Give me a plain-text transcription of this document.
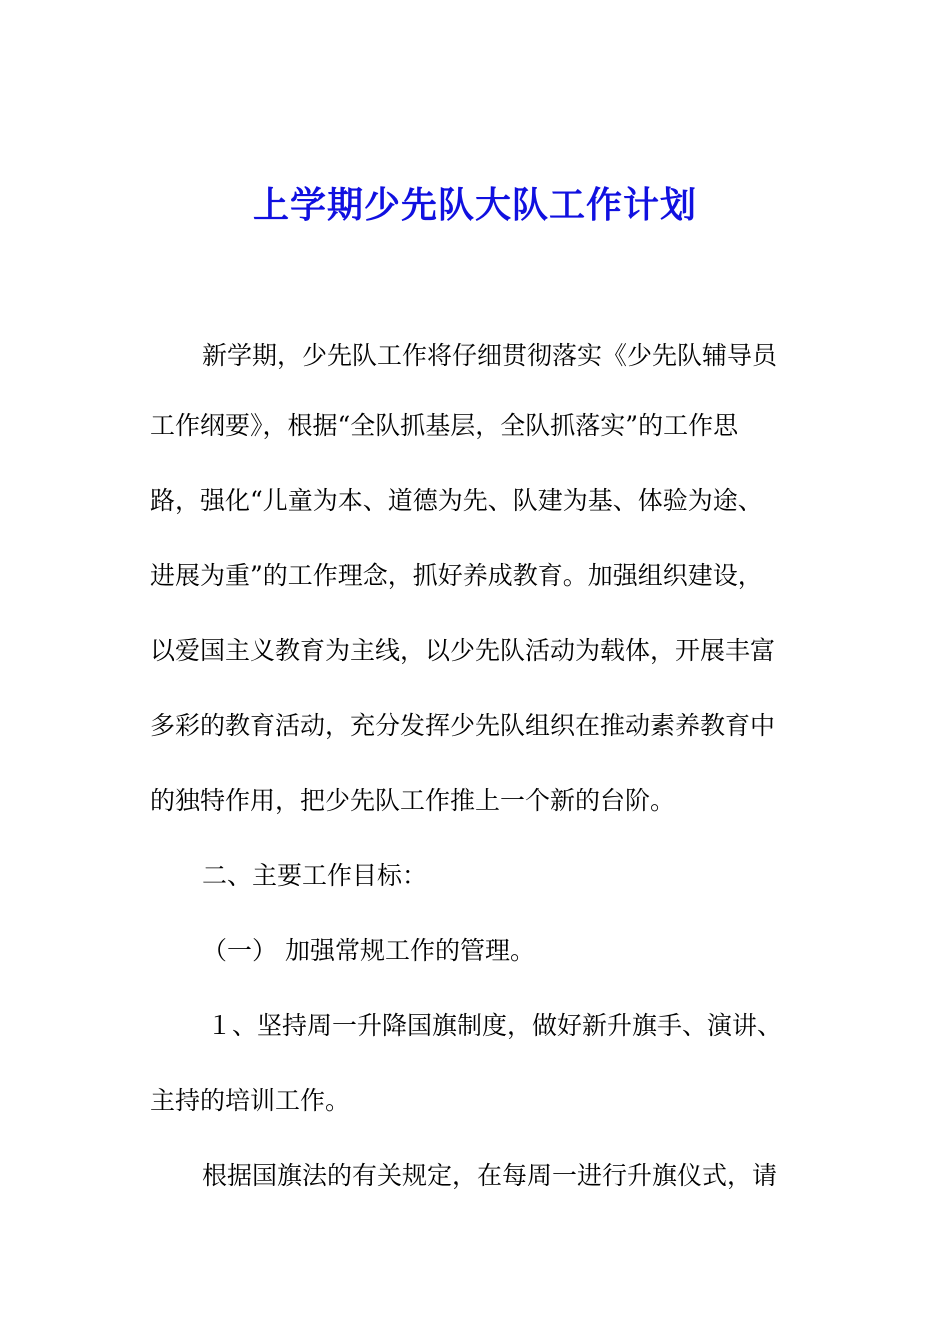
上学期少先队大队工作计划

新学期，少先队工作将仔细贯彻落实《少先队辅导员

工作纲要》，根据“全队抓基层，全队抓落实”的工作思

路，强化“儿童为本、道德为先、队建为基、体验为途、

进展为重”的工作理念，抓好养成教育。加强组织建设，

以爱国主义教育为主线，以少先队活动为载体，开展丰富

多彩的教育活动，充分发挥少先队组织在推动素养教育中

的独特作用，把少先队工作推上一个新的台阶。

二、主要工作目标：

（一） 加强常规工作的管理。

１、坚持周一升降国旗制度，做好新升旗手、演讲、

主持的培训工作。

根据国旗法的有关规定，在每周一进行升旗仪式，请
